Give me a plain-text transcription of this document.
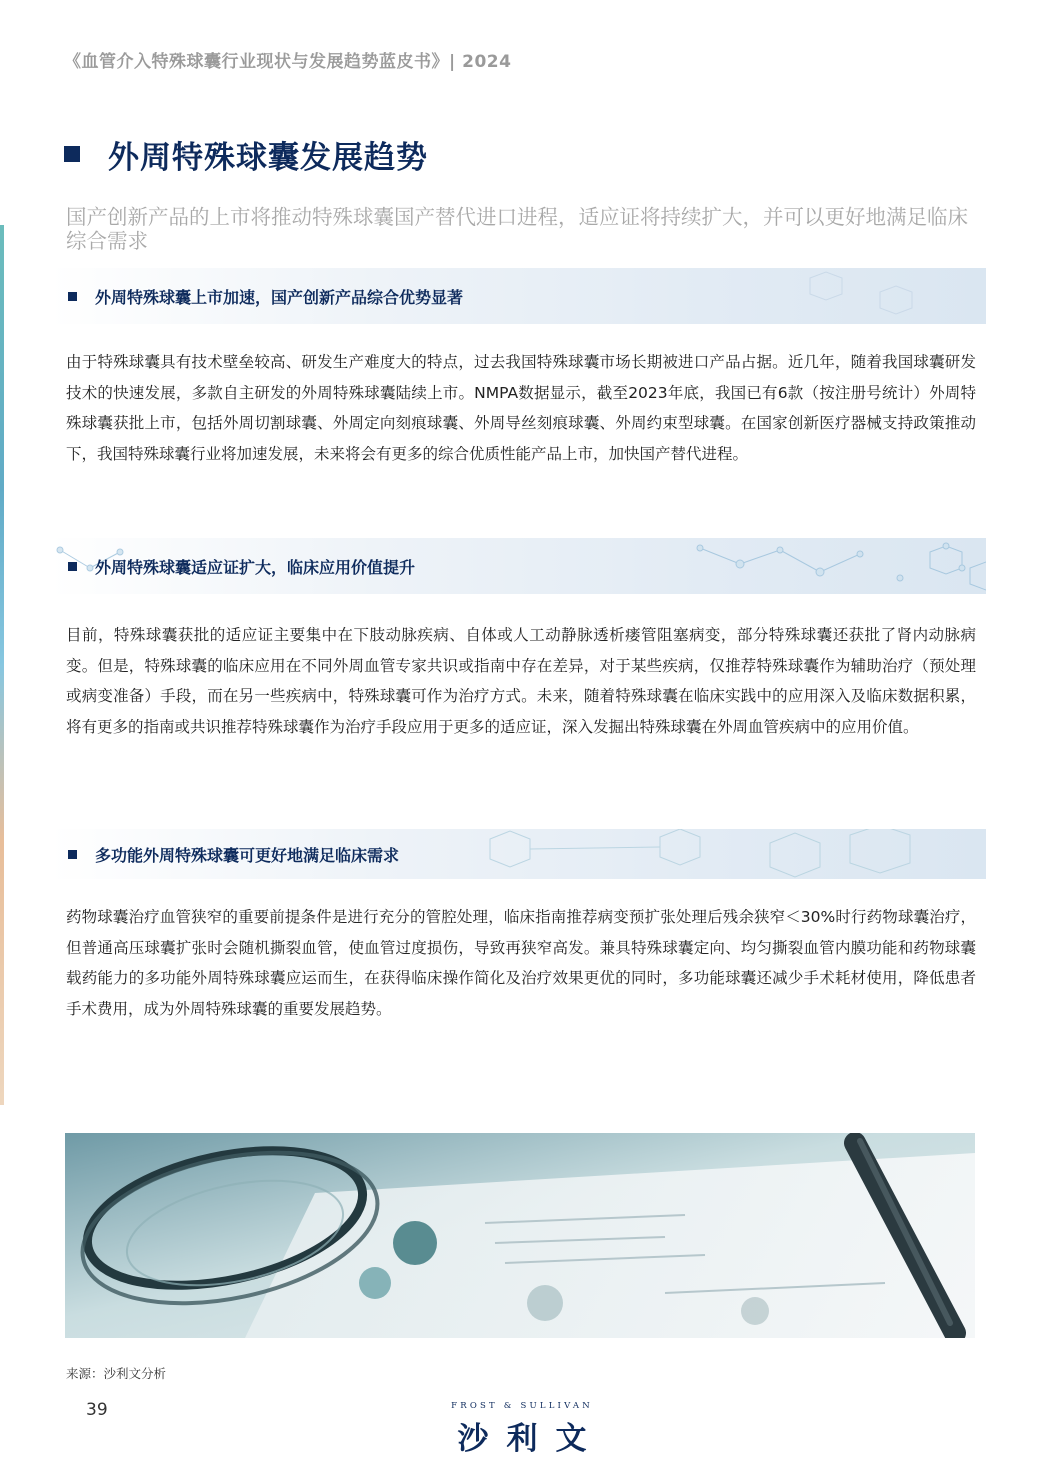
《血管介入特殊球囊行业现状与发展趋势蓝皮书》| 2024
外周特殊球囊发展趋势
国产创新产品的上市将推动特殊球囊国产替代进口进程，适应证将持续扩大，并可以更好地满足临床综合需求
外周特殊球囊上市加速，国产创新产品综合优势显著
由于特殊球囊具有技术壁垒较高、研发生产难度大的特点，过去我国特殊球囊市场长期被进口产品占据。近几年，随着我国球囊研发技术的快速发展，多款自主研发的外周特殊球囊陆续上市。NMPA数据显示，截至2023年底，我国已有6款（按注册号统计）外周特殊球囊获批上市，包括外周切割球囊、外周定向刻痕球囊、外周导丝刻痕球囊、外周约束型球囊。在国家创新医疗器械支持政策推动下，我国特殊球囊行业将加速发展，未来将会有更多的综合优质性能产品上市，加快国产替代进程。
外周特殊球囊适应证扩大，临床应用价值提升
目前，特殊球囊获批的适应证主要集中在下肢动脉疾病、自体或人工动静脉透析瘘管阻塞病变，部分特殊球囊还获批了肾内动脉病变。但是，特殊球囊的临床应用在不同外周血管专家共识或指南中存在差异，对于某些疾病，仅推荐特殊球囊作为辅助治疗（预处理或病变准备）手段，而在另一些疾病中，特殊球囊可作为治疗方式。未来，随着特殊球囊在临床实践中的应用深入及临床数据积累，将有更多的指南或共识推荐特殊球囊作为治疗手段应用于更多的适应证，深入发掘出特殊球囊在外周血管疾病中的应用价值。
多功能外周特殊球囊可更好地满足临床需求
药物球囊治疗血管狭窄的重要前提条件是进行充分的管腔处理，临床指南推荐病变预扩张处理后残余狭窄＜30%时行药物球囊治疗，但普通高压球囊扩张时会随机撕裂血管，使血管过度损伤，导致再狭窄高发。兼具特殊球囊定向、均匀撕裂血管内膜功能和药物球囊载药能力的多功能外周特殊球囊应运而生，在获得临床操作简化及治疗效果更优的同时，多功能球囊还减少手术耗材使用，降低患者手术费用，成为外周特殊球囊的重要发展趋势。
来源：沙利文分析
39	FROST & SULLIVAN
沙利文
